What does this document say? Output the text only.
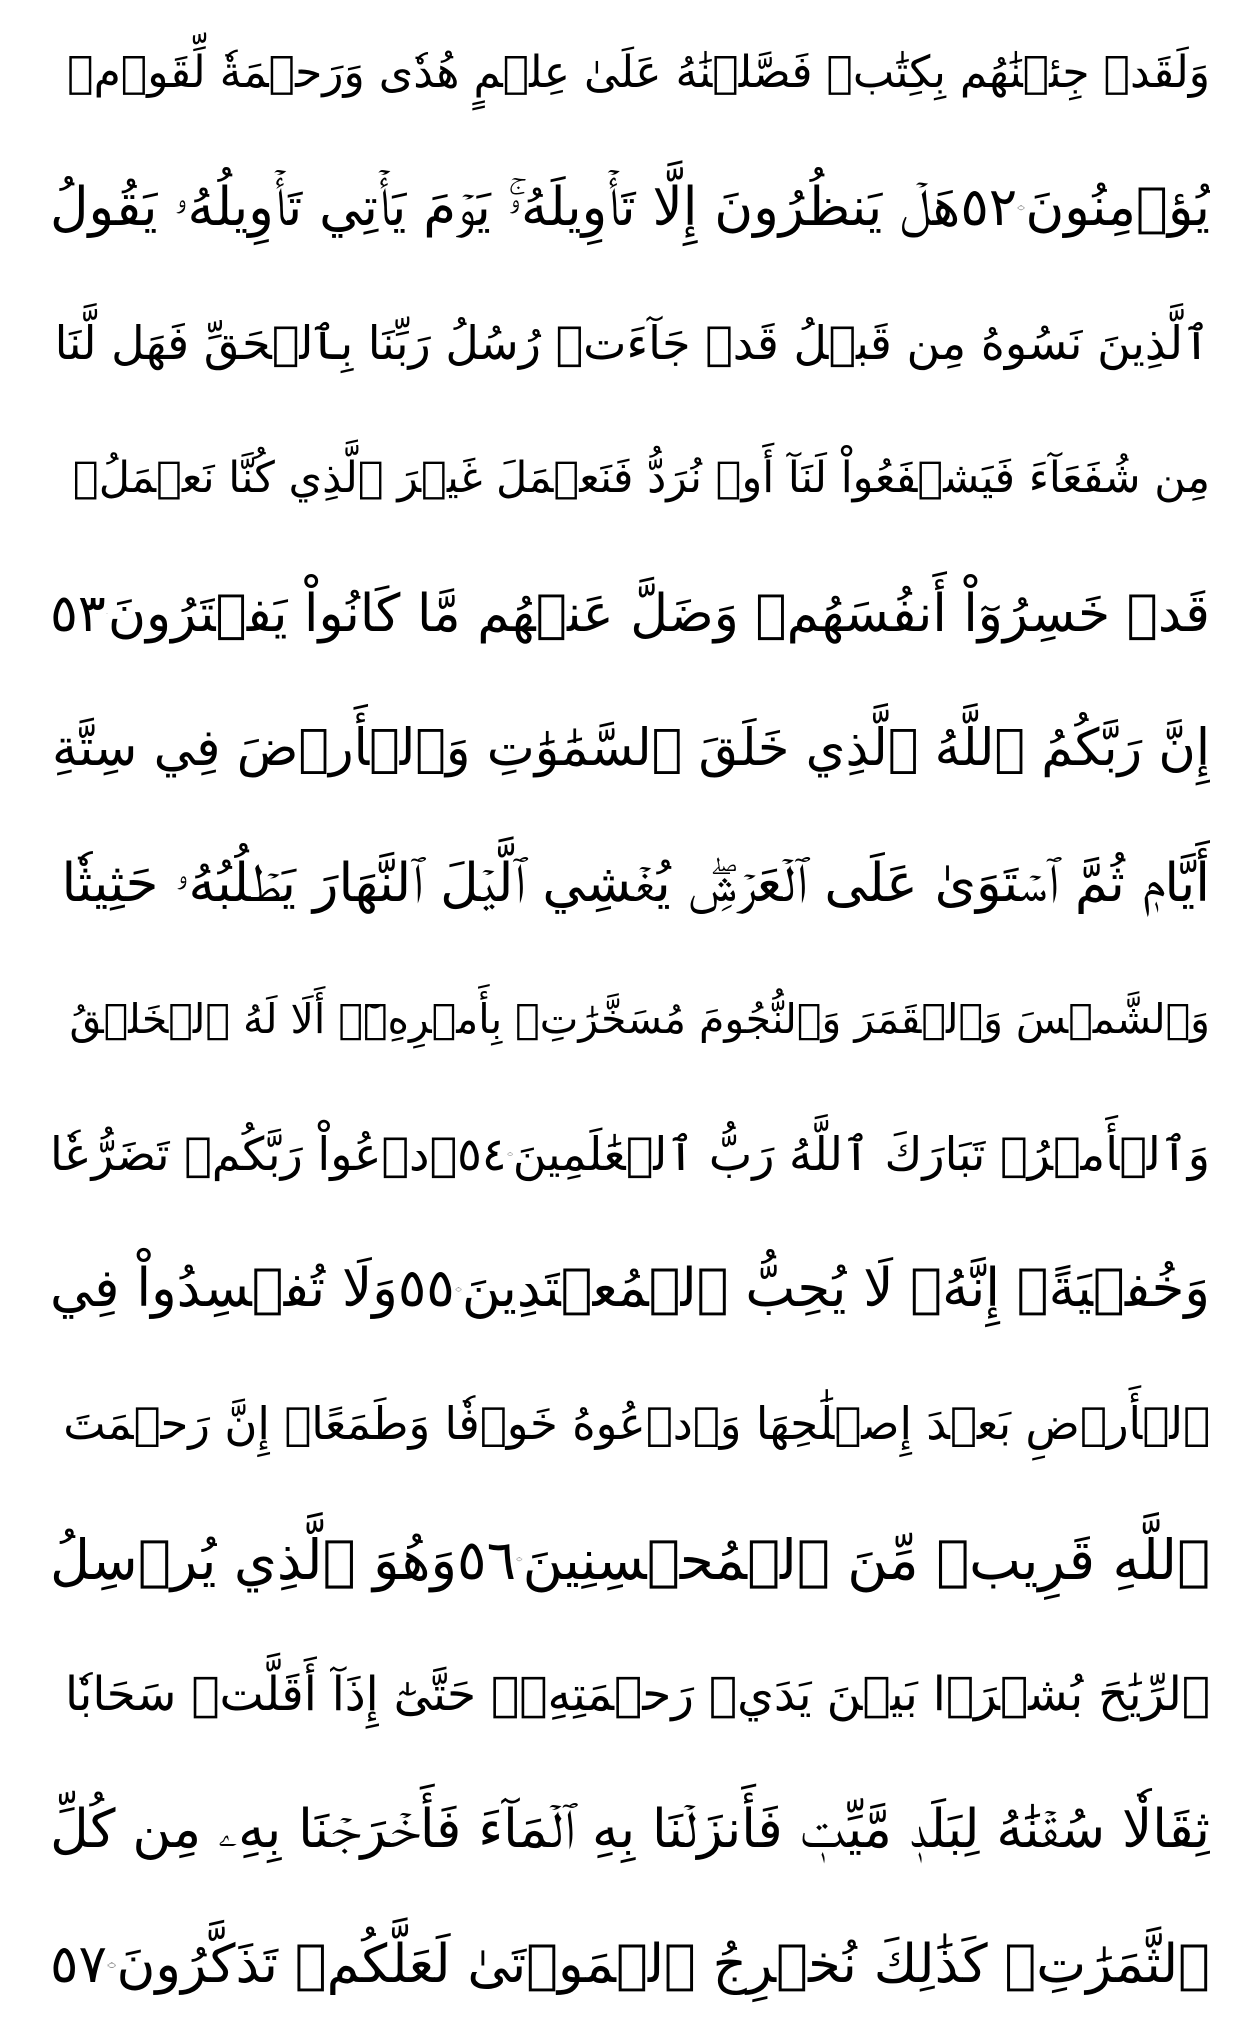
وَلَقَدۡ جِئۡنَٰهُم بِكِتَٰبٖ فَصَّلۡنَٰهُ عَلَىٰ عِلۡمٍ هُدٗى وَرَحۡمَةٗ لِّقَوۡمٖ
يُؤۡمِنُونَ
٥٢
هَلۡ يَنظُرُونَ إِلَّا تَأۡوِيلَهُۥۚ يَوۡمَ يَأۡتِي تَأۡوِيلُهُۥ يَقُولُ
ٱلَّذِينَ نَسُوهُ مِن قَبۡلُ قَدۡ جَآءَتۡ رُسُلُ رَبِّنَا بِٱلۡحَقِّ فَهَل لَّنَا
مِن شُفَعَآءَ فَيَشۡفَعُواْ لَنَآ أَوۡ نُرَدُّ فَنَعۡمَلَ غَيۡرَ ٱلَّذِي كُنَّا نَعۡمَلُۚ
قَدۡ خَسِرُوٓاْ أَنفُسَهُمۡ وَضَلَّ عَنۡهُم مَّا كَانُواْ يَفۡتَرُونَ
٥٣
إِنَّ رَبَّكُمُ ٱللَّهُ ٱلَّذِي خَلَقَ ٱلسَّمَٰوَٰتِ وَٱلۡأَرۡضَ فِي سِتَّةِ
أَيَّامٖ ثُمَّ ٱسۡتَوَىٰ عَلَى ٱلۡعَرۡشِۖ يُغۡشِي ٱلَّيۡلَ ٱلنَّهَارَ يَطۡلُبُهُۥ حَثِيثٗا
وَٱلشَّمۡسَ وَٱلۡقَمَرَ وَٱلنُّجُومَ مُسَخَّرَٰتِۭ بِأَمۡرِهِۦٓۗ أَلَا لَهُ ٱلۡخَلۡقُ
وَٱلۡأَمۡرُۗ تَبَارَكَ ٱللَّهُ رَبُّ ٱلۡعَٰلَمِينَ
٥٤
ٱدۡعُواْ رَبَّكُمۡ تَضَرُّعٗا
وَخُفۡيَةًۚ إِنَّهُۥ لَا يُحِبُّ ٱلۡمُعۡتَدِينَ
٥٥
وَلَا تُفۡسِدُواْ فِي
ٱلۡأَرۡضِ بَعۡدَ إِصۡلَٰحِهَا وَٱدۡعُوهُ خَوۡفٗا وَطَمَعًاۚ إِنَّ رَحۡمَتَ
ٱللَّهِ قَرِيبٞ مِّنَ ٱلۡمُحۡسِنِينَ
٥٦
وَهُوَ ٱلَّذِي يُرۡسِلُ
ٱلرِّيَٰحَ بُشۡرَۢا بَيۡنَ يَدَيۡ رَحۡمَتِهِۦۖ حَتَّىٰٓ إِذَآ أَقَلَّتۡ سَحَابٗا
ثِقَالٗا سُقۡنَٰهُ لِبَلَدٖ مَّيِّتٖ فَأَنزَلۡنَا بِهِ ٱلۡمَآءَ فَأَخۡرَجۡنَا بِهِۦ مِن كُلِّ
ٱلثَّمَرَٰتِۚ كَذَٰلِكَ نُخۡرِجُ ٱلۡمَوۡتَىٰ لَعَلَّكُمۡ تَذَكَّرُونَ
٥٧
